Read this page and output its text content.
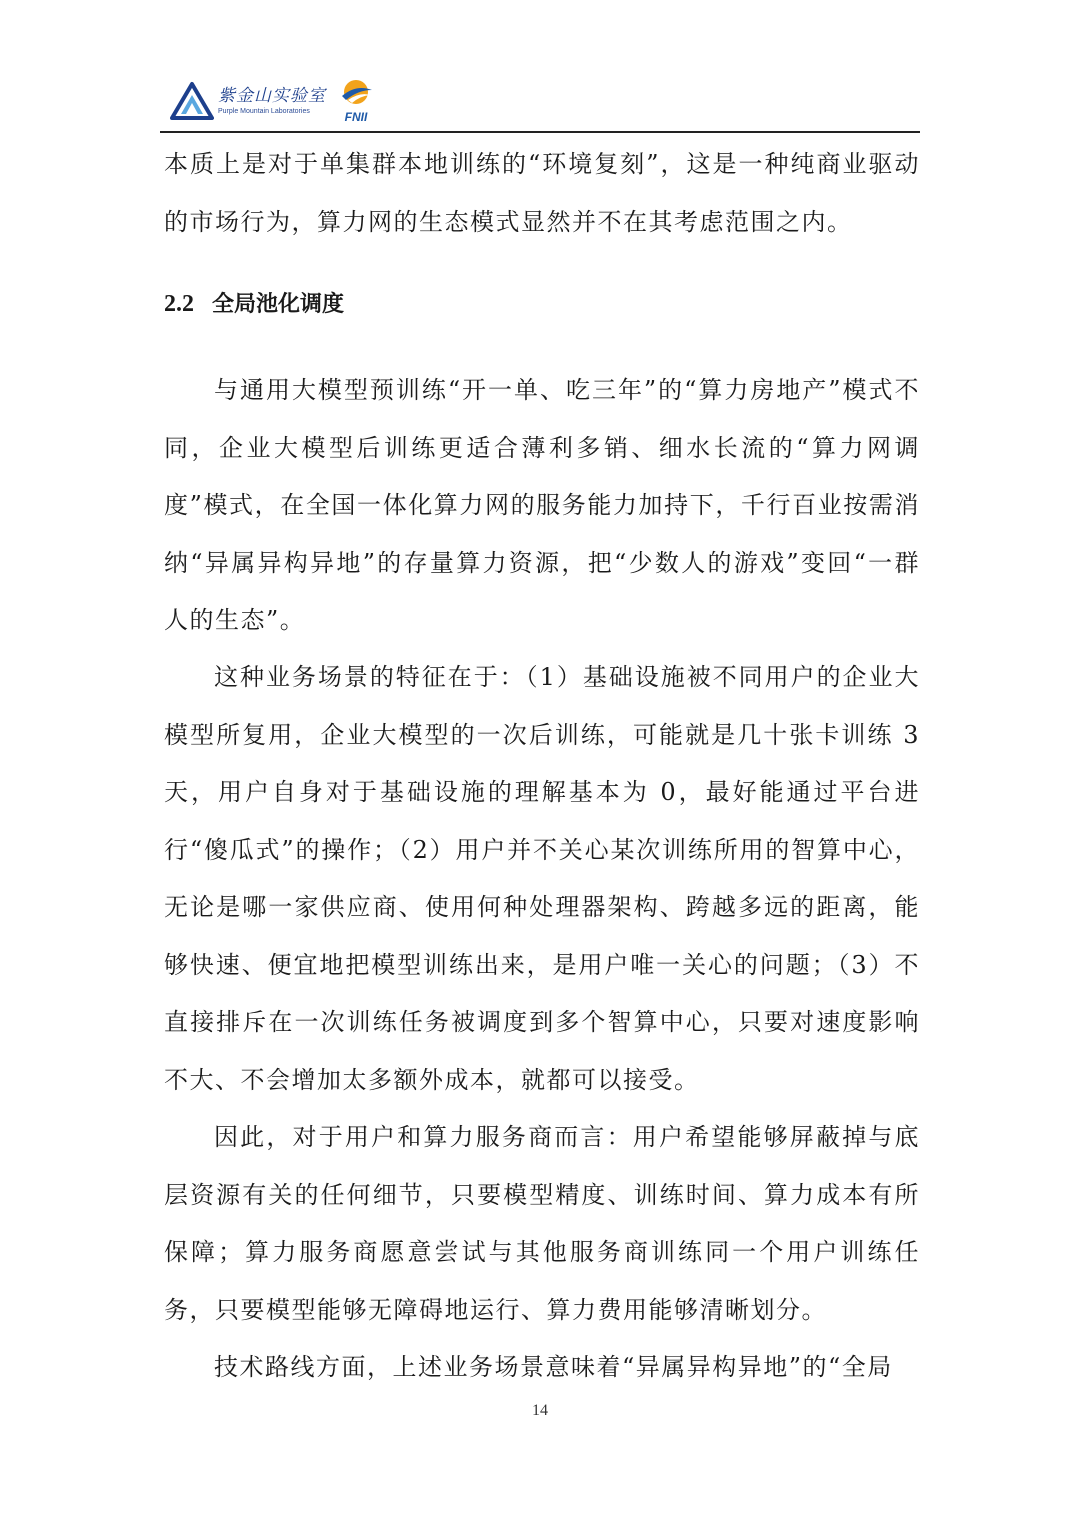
紫金山实验室
Purple Mountain Laboratories	FNII

本质上是对于单集群本地训练的“环境复刻”，这是一种纯商业驱动的市场行为，算力网的生态模式显然并不在其考虑范围之内。

2.2 全局池化调度

与通用大模型预训练“开一单、吃三年”的“算力房地产”模式不同，企业大模型后训练更适合薄利多销、细水长流的“算力网调度”模式，在全国一体化算力网的服务能力加持下，千行百业按需消纳“异属异构异地”的存量算力资源，把“少数人的游戏”变回“一群人的生态”。

这种业务场景的特征在于：（1）基础设施被不同用户的企业大模型所复用，企业大模型的一次后训练，可能就是几十张卡训练 3 天，用户自身对于基础设施的理解基本为 0，最好能通过平台进行“傻瓜式”的操作；（2）用户并不关心某次训练所用的智算中心，无论是哪一家供应商、使用何种处理器架构、跨越多远的距离，能够快速、便宜地把模型训练出来，是用户唯一关心的问题；（3）不直接排斥在一次训练任务被调度到多个智算中心，只要对速度影响不大、不会增加太多额外成本，就都可以接受。

因此，对于用户和算力服务商而言：用户希望能够屏蔽掉与底层资源有关的任何细节，只要模型精度、训练时间、算力成本有所保障；算力服务商愿意尝试与其他服务商训练同一个用户训练任务，只要模型能够无障碍地运行、算力费用能够清晰划分。

技术路线方面，上述业务场景意味着“异属异构异地”的“全局

14
